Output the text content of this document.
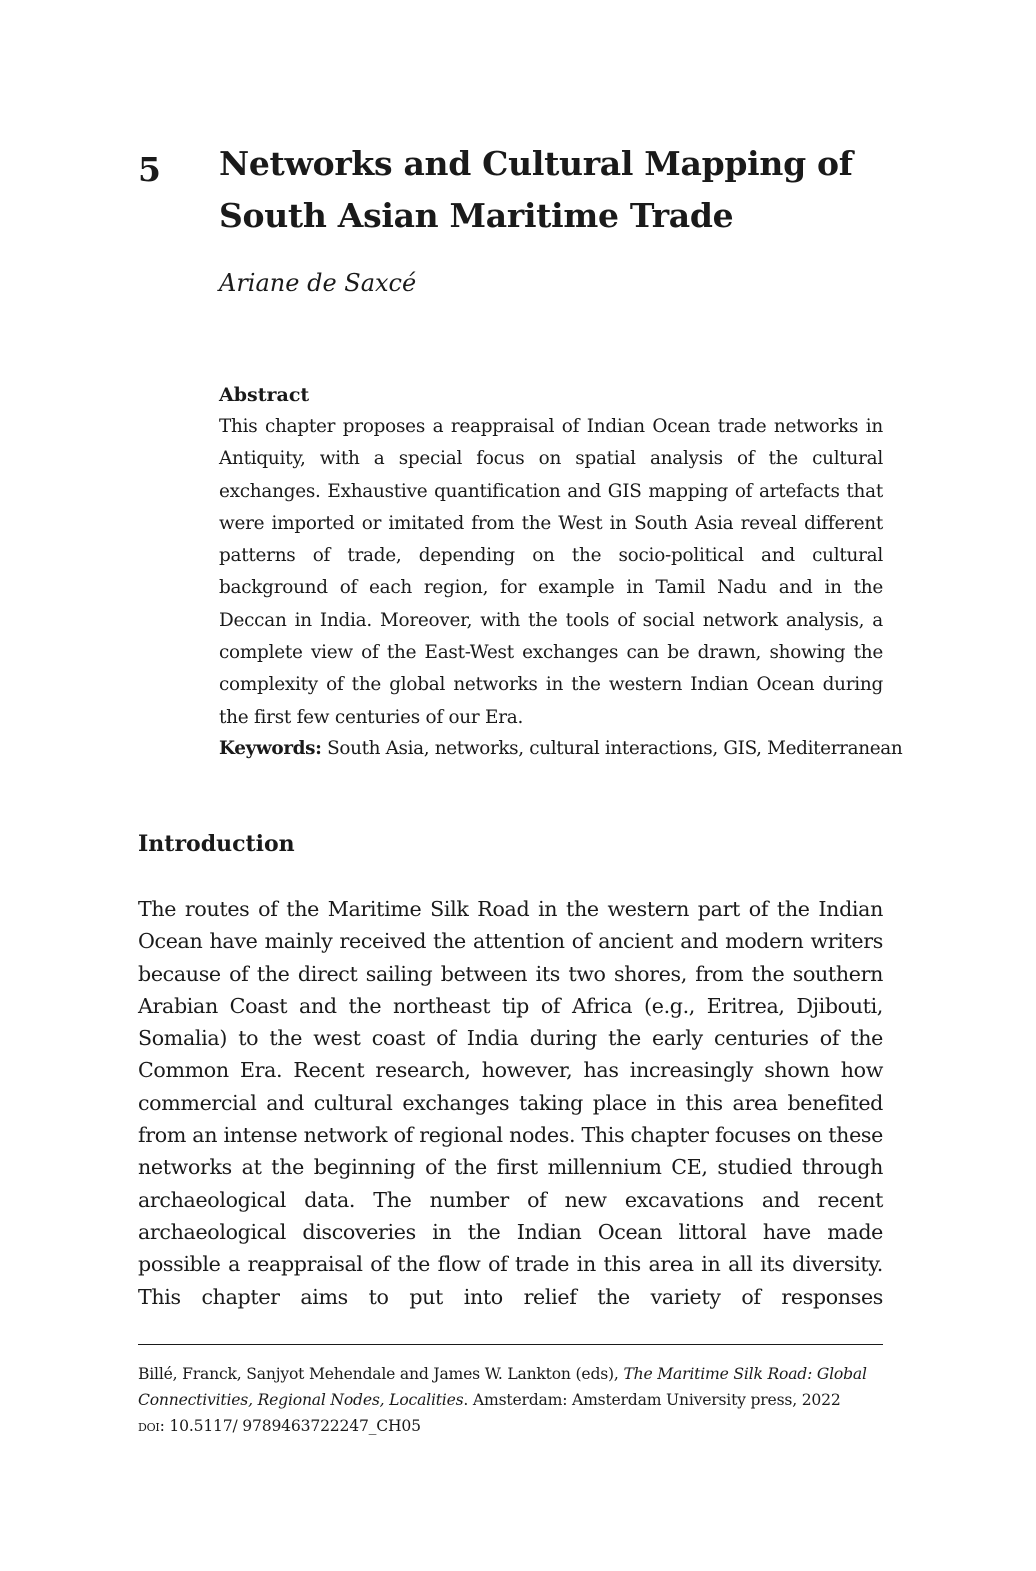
5 Networks and Cultural Mapping of South Asian Maritime Trade
Ariane de Saxcé
Abstract

This chapter proposes a reappraisal of Indian Ocean trade networks in Antiquity, with a special focus on spatial analysis of the cultural exchanges. Exhaustive quantification and GIS mapping of artefacts that were imported or imitated from the West in South Asia reveal different patterns of trade, depending on the socio-political and cultural background of each region, for example in Tamil Nadu and in the Deccan in India. Moreover, with the tools of social network analysis, a complete view of the East-West exchanges can be drawn, showing the complexity of the global networks in the western Indian Ocean during the first few centuries of our Era.

Keywords: South Asia, networks, cultural interactions, GIS, Mediterranean
Introduction

The routes of the Maritime Silk Road in the western part of the Indian Ocean have mainly received the attention of ancient and modern writers because of the direct sailing between its two shores, from the southern Arabian Coast and the northeast tip of Africa (e.g., Eritrea, Djibouti, Somalia) to the west coast of India during the early centuries of the Common Era. Recent research, however, has increasingly shown how commercial and cultural exchanges taking place in this area benefited from an intense network of regional nodes. This chapter focuses on these networks at the beginning of the first millennium CE, studied through archaeological data. The number of new excavations and recent archaeological discoveries in the Indian Ocean littoral have made possible a reappraisal of the flow of trade in this area in all its diversity. This chapter aims to put into relief the variety of responses

Billé, Franck, Sanjyot Mehendale and James W. Lankton (eds), The Maritime Silk Road: Global
Connectivities, Regional Nodes, Localities. Amsterdam: Amsterdam University press, 2022
doi: 10.5117/ 9789463722247_CH05
